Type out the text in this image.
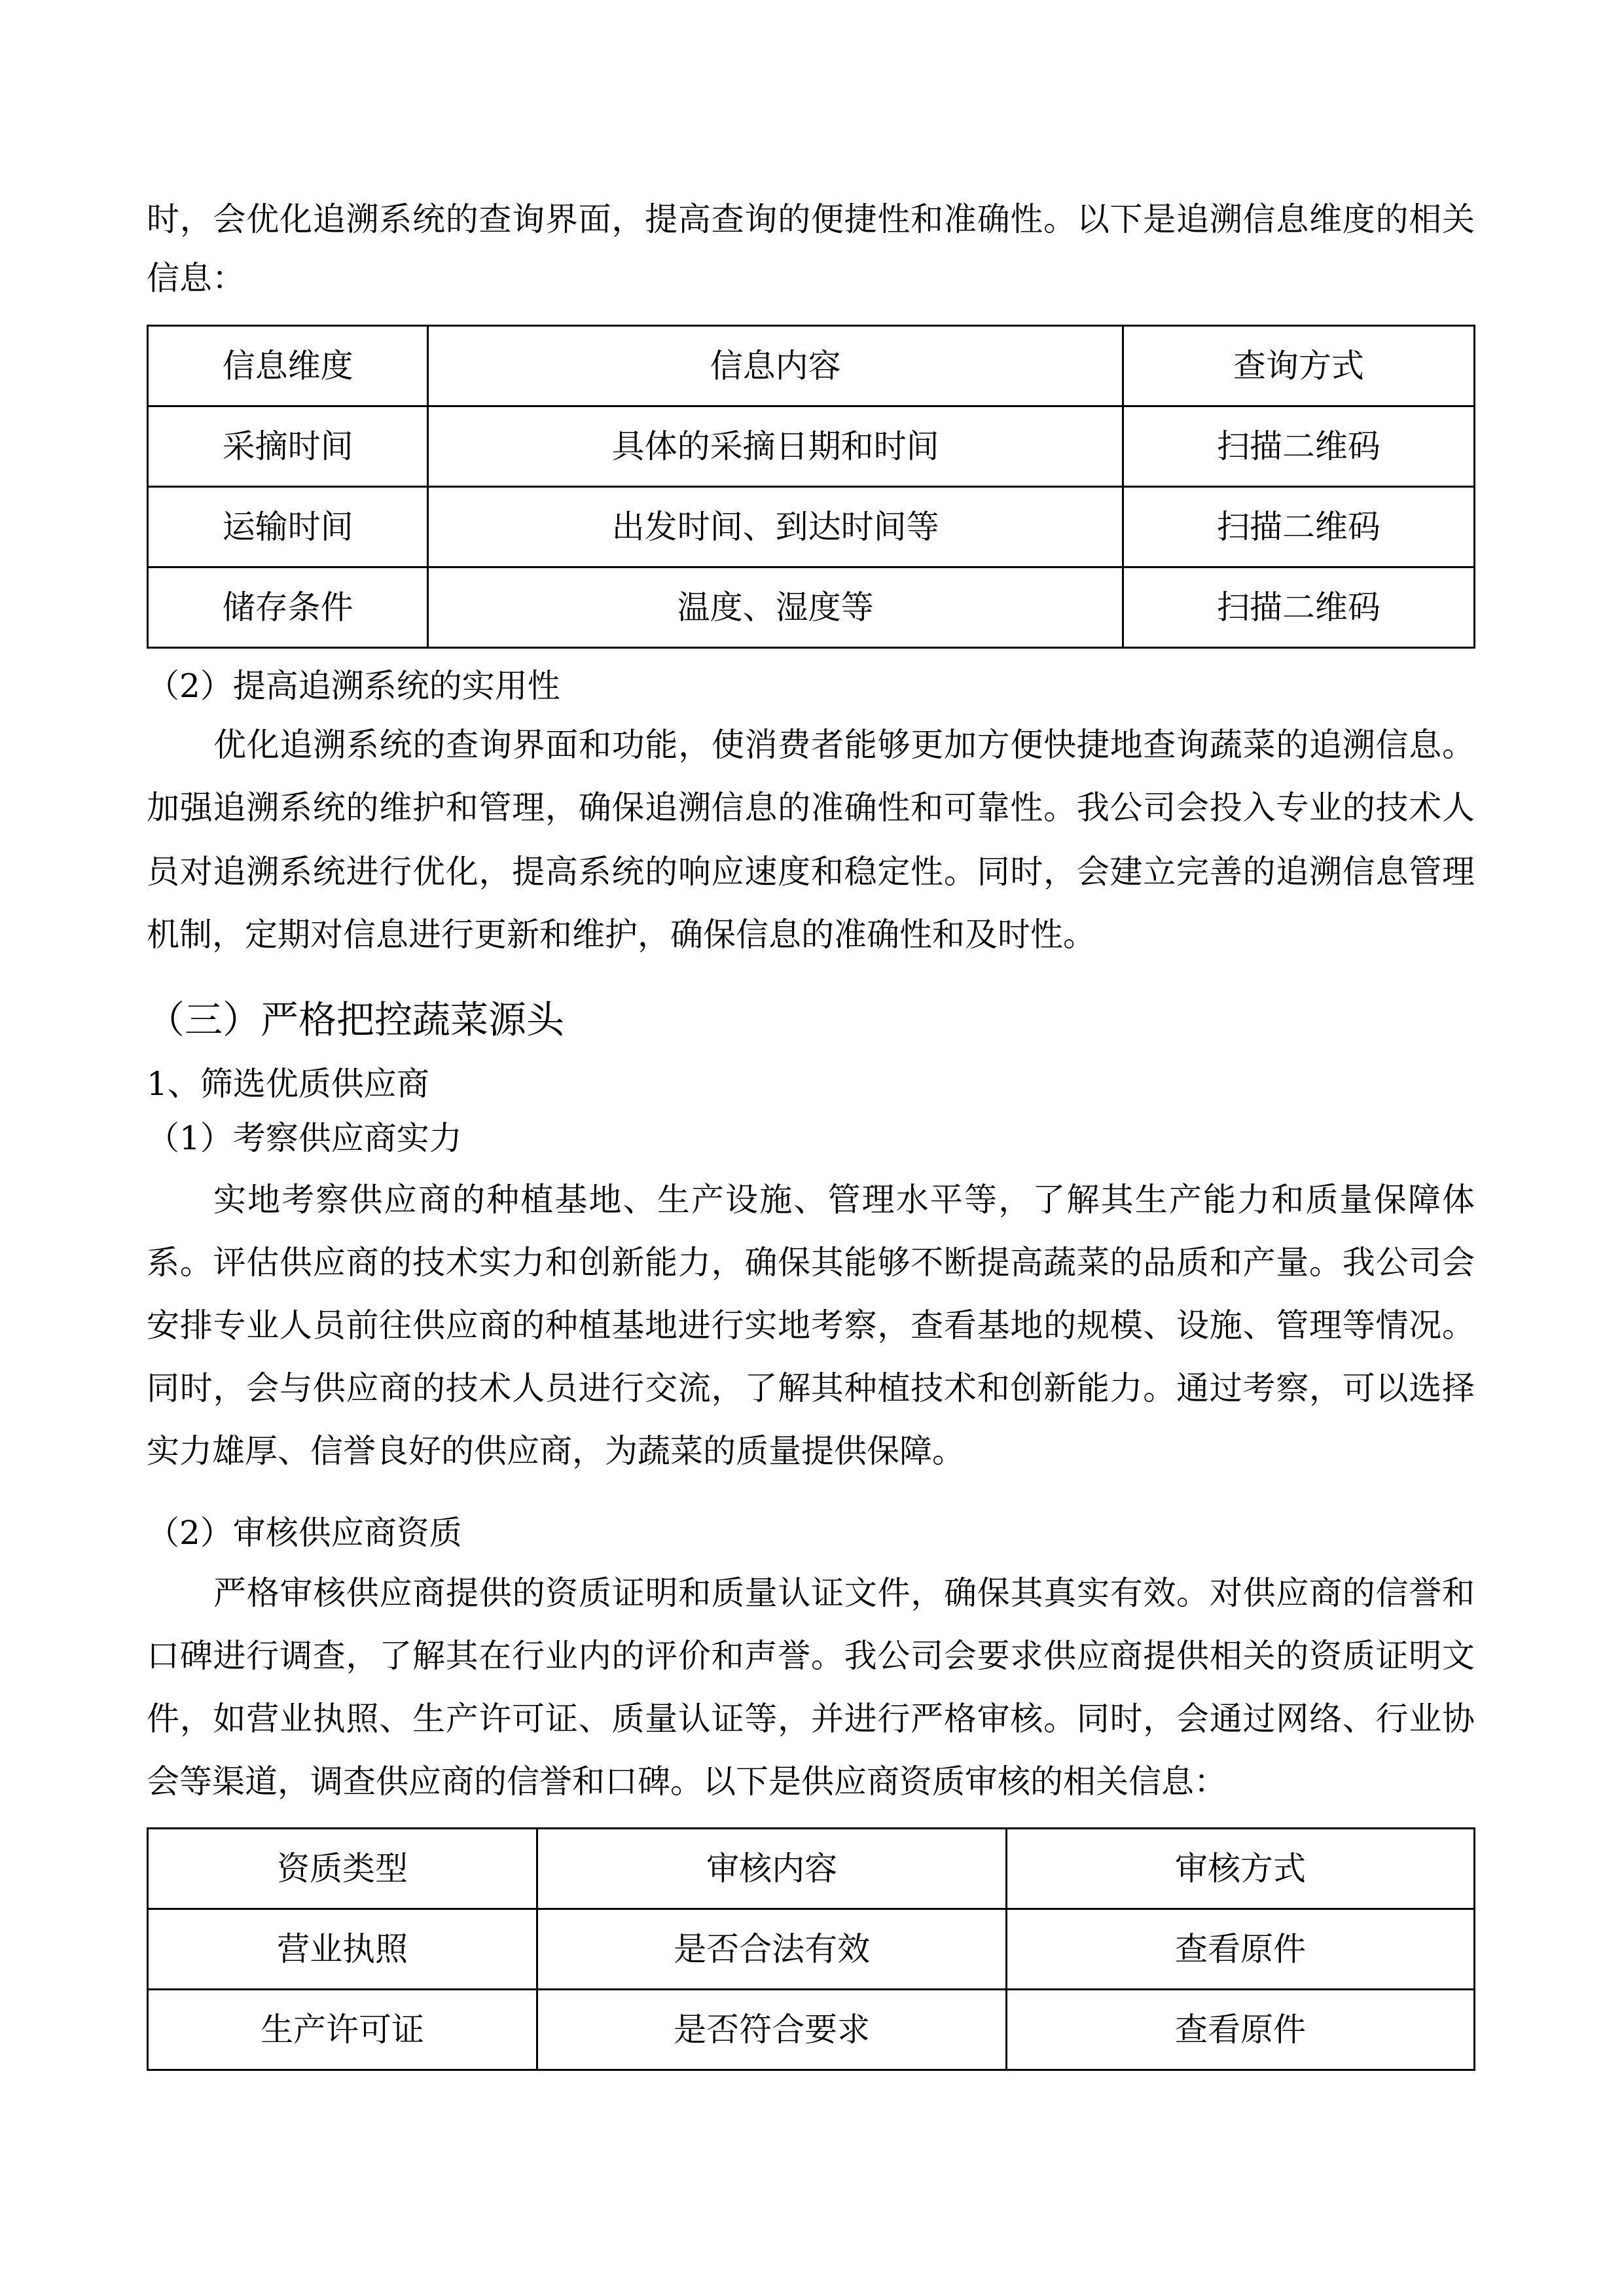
时，会优化追溯系统的查询界面，提高查询的便捷性和准确性。以下是追溯信息维度的相关
信息：
信息维度	信息内容	查询方式
采摘时间	具体的采摘日期和时间	扫描二维码
运输时间	出发时间、到达时间等	扫描二维码
储存条件	温度、湿度等	扫描二维码
（2）提高追溯系统的实用性
优化追溯系统的查询界面和功能，使消费者能够更加方便快捷地查询蔬菜的追溯信息。
加强追溯系统的维护和管理，确保追溯信息的准确性和可靠性。我公司会投入专业的技术人
员对追溯系统进行优化，提高系统的响应速度和稳定性。同时，会建立完善的追溯信息管理
机制，定期对信息进行更新和维护，确保信息的准确性和及时性。
（三）严格把控蔬菜源头
1、筛选优质供应商
（1）考察供应商实力
实地考察供应商的种植基地、生产设施、管理水平等，了解其生产能力和质量保障体
系。评估供应商的技术实力和创新能力，确保其能够不断提高蔬菜的品质和产量。我公司会
安排专业人员前往供应商的种植基地进行实地考察，查看基地的规模、设施、管理等情况。
同时，会与供应商的技术人员进行交流，了解其种植技术和创新能力。通过考察，可以选择
实力雄厚、信誉良好的供应商，为蔬菜的质量提供保障。
（2）审核供应商资质
严格审核供应商提供的资质证明和质量认证文件，确保其真实有效。对供应商的信誉和
口碑进行调查，了解其在行业内的评价和声誉。我公司会要求供应商提供相关的资质证明文
件，如营业执照、生产许可证、质量认证等，并进行严格审核。同时，会通过网络、行业协
会等渠道，调查供应商的信誉和口碑。以下是供应商资质审核的相关信息：
资质类型	审核内容	审核方式
营业执照	是否合法有效	查看原件
生产许可证	是否符合要求	查看原件
